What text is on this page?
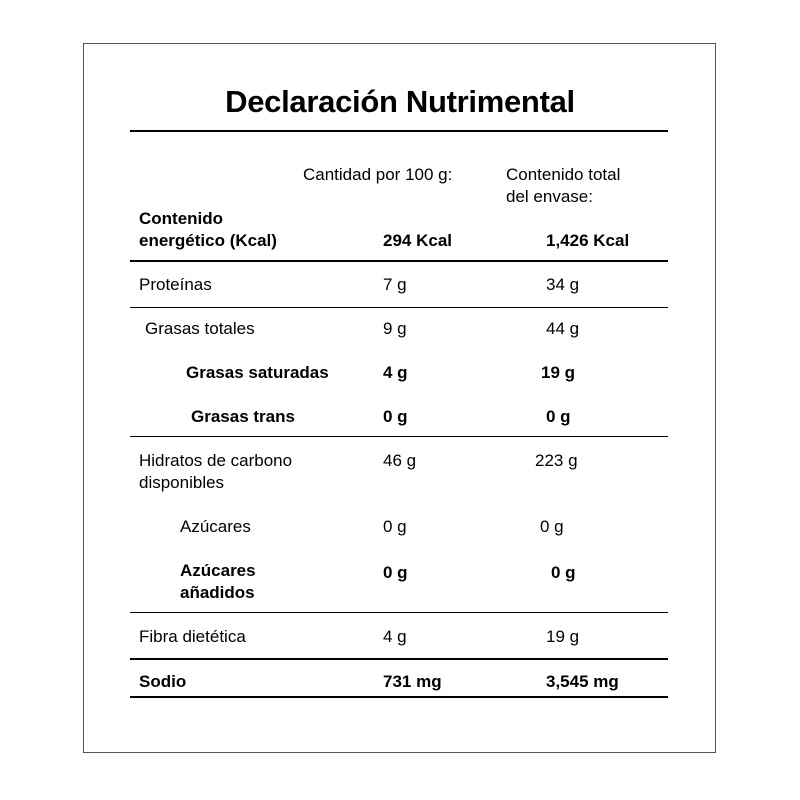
Declaración Nutrimental
Cantidad por 100 g:	Contenido total
del envase:
Contenido
energético (Kcal)	294 Kcal	1,426 Kcal
Proteínas	7 g	34 g
Grasas totales	9 g	44 g
Grasas saturadas	4 g	19 g
Grasas trans	0 g	0 g
Hidratos de carbono
disponibles
46 g	223 g
Azúcares	0 g	0 g
Azúcares
añadidos
0 g	0 g
Fibra dietética	4 g	19 g
Sodio	731 mg	3,545 mg
